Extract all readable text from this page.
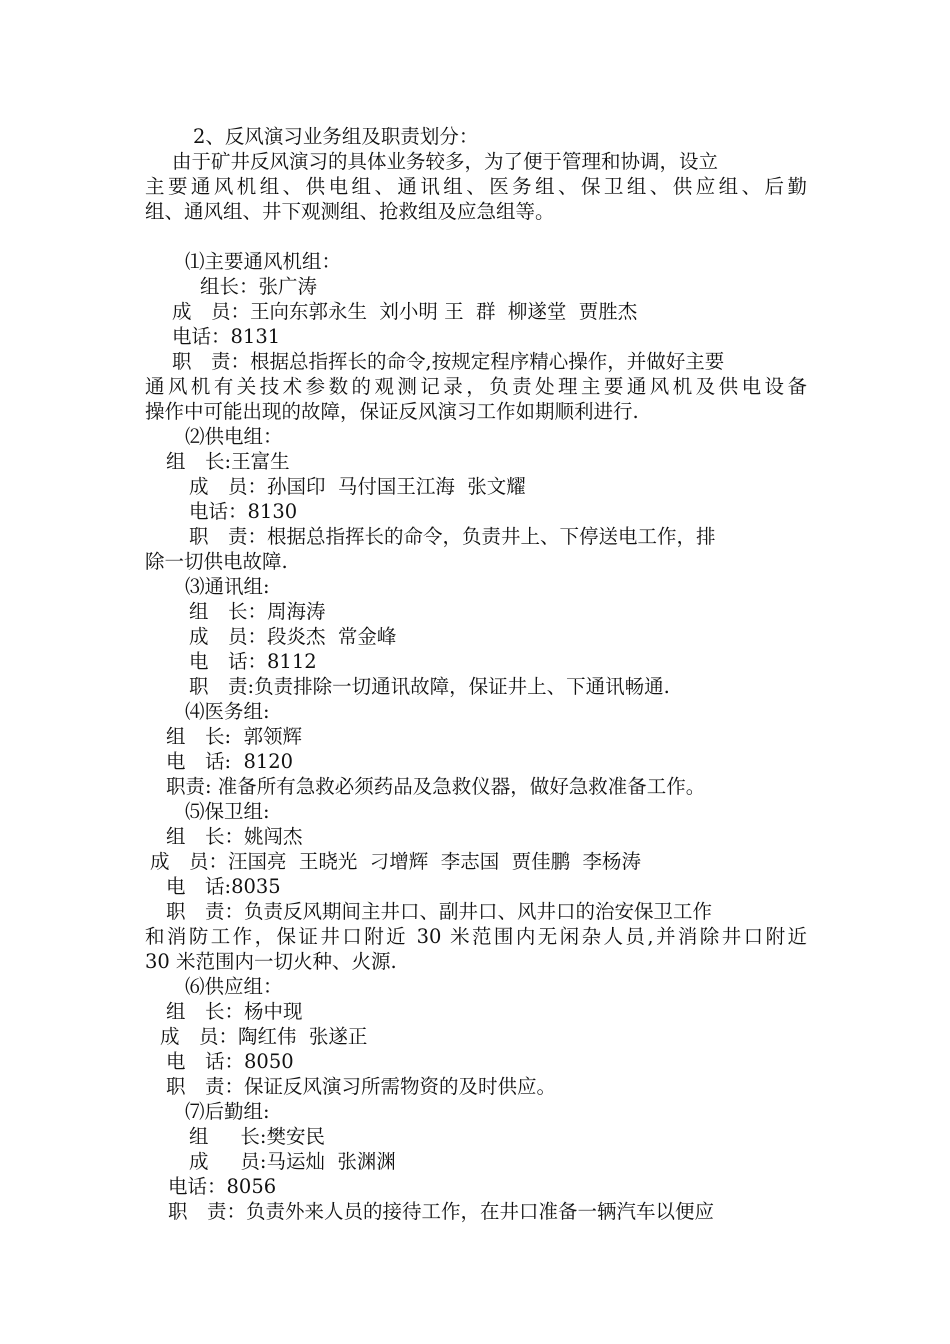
2、反风演习业务组及职责划分：
由于矿井反风演习的具体业务较多，为了便于管理和协调，设立
主要通风机组、供电组、通讯组、医务组、保卫组、供应组、后勤
组、通风组、井下观测组、抢救组及应急组等。
⑴主要通风机组：
组长：张广涛
成　员：王向东郭永生  刘小明 王  群  柳遂堂  贾胜杰
电话：8131
职　责：根据总指挥长的命令,按规定程序精心操作，并做好主要
通风机有关技术参数的观测记录，负责处理主要通风机及供电设备
操作中可能出现的故障，保证反风演习工作如期顺利进行.
⑵供电组：
组　长:王富生
成　员：孙国印  马付国王江海  张文耀
电话：8130
职　责：根据总指挥长的命令，负责井上、下停送电工作，排
除一切供电故障.
⑶通讯组:
组　长：周海涛
成　员：段炎杰  常金峰
电　话：8112
职　责:负责排除一切通讯故障，保证井上、下通讯畅通.
⑷医务组:
组　长:  郭领辉
电　话:  8120
职责: 准备所有急救必须药品及急救仪器，做好急救准备工作。
⑸保卫组:
组　长：姚闯杰
成　员：汪国亮  王晓光  刁增辉  李志国  贾佳鹏  李杨涛
电　话:8035
职　责：负责反风期间主井口、副井口、风井口的治安保卫工作
和消防工作，保证井口附近 30 米范围内无闲杂人员,并消除井口附近
30 米范围内一切火种、火源.
⑹供应组：
组　长：杨中现
成　员：陶红伟  张遂正
电　话：8050
职　责：保证反风演习所需物资的及时供应。
⑺后勤组:
组　  长:樊安民
成　  员:马运灿  张渊渊
电话：8056
职　责：负责外来人员的接待工作，在井口准备一辆汽车以便应
